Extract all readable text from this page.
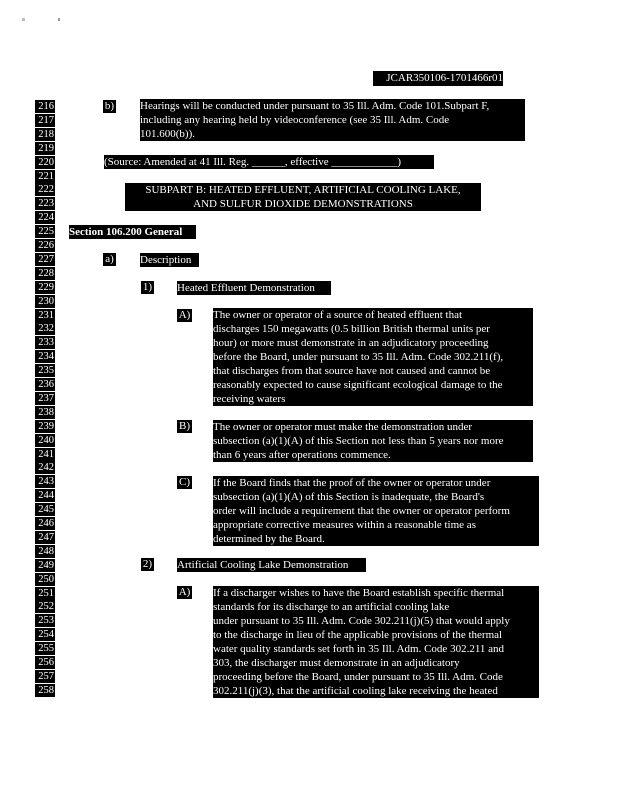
JCAR350106-1701466r01
216
217
218
219
220
221
222
223
224
225
226
227
228
229
230
231
232
233
234
235
236
237
238
239
240
241
242
243
244
245
246
247
248
249
250
251
252
253
254
255
256
257
258
b)
a)
1)
A)
B)
C)
2)
A)
Hearings will be conducted under pursuant to 35 Ill. Adm. Code 101.Subpart F,
including any hearing held by videoconference (see 35 Ill. Adm. Code
101.600(b)).
(Source: Amended at 41 Ill. Reg. ______, effective ____________)
SUBPART B: HEATED EFFLUENT, ARTIFICIAL COOLING LAKE,
AND SULFUR DIOXIDE DEMONSTRATIONS
Section 106.200 General
Description
Heated Effluent Demonstration
The owner or operator of a source of heated effluent that
discharges 150 megawatts (0.5 billion British thermal units per
hour) or more must demonstrate in an adjudicatory proceeding
before the Board, under pursuant to 35 Ill. Adm. Code 302.211(f),
that discharges from that source have not caused and cannot be
reasonably expected to cause significant ecological damage to the
receiving waters
The owner or operator must make the demonstration under
subsection (a)(1)(A) of this Section not less than 5 years nor more
than 6 years after operations commence.
If the Board finds that the proof of the owner or operator under
subsection (a)(1)(A) of this Section is inadequate, the Board's
order will include a requirement that the owner or operator perform
appropriate corrective measures within a reasonable time as
determined by the Board.
Artificial Cooling Lake Demonstration
If a discharger wishes to have the Board establish specific thermal
standards for its discharge to an artificial cooling lake
under pursuant to 35 Ill. Adm. Code 302.211(j)(5) that would apply
to the discharge in lieu of the applicable provisions of the thermal
water quality standards set forth in 35 Ill. Adm. Code 302.211 and
303, the discharger must demonstrate in an adjudicatory
proceeding before the Board, under pursuant to 35 Ill. Adm. Code
302.211(j)(3), that the artificial cooling lake receiving the heated
